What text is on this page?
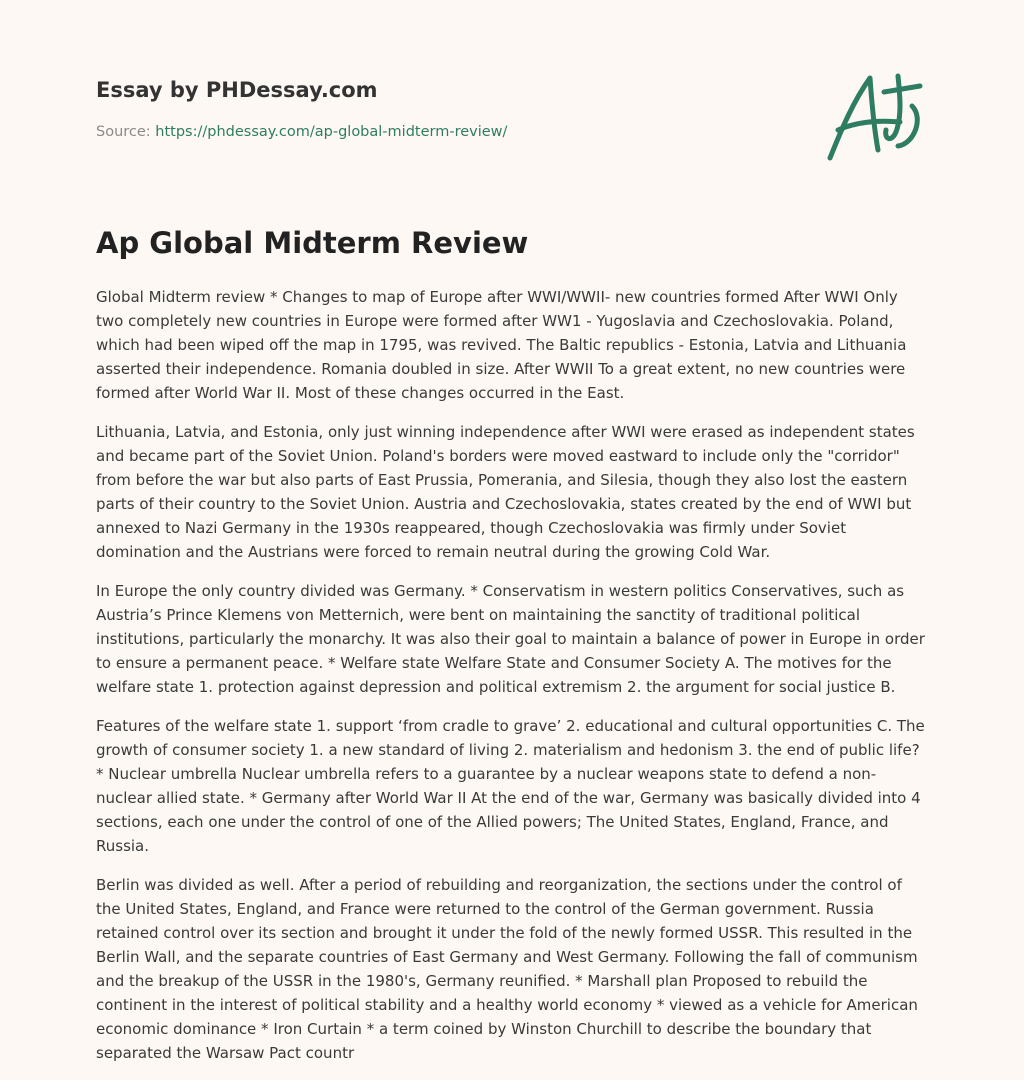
Essay by PHDessay.com
Source: https://phdessay.com/ap-global-midterm-review/
Ap Global Midterm Review

Global Midterm review * Changes to map of Europe after WWI/WWII- new countries formed After WWI Only two completely new countries in Europe were formed after WW1 - Yugoslavia and Czechoslovakia. Poland, which had been wiped off the map in 1795, was revived. The Baltic republics - Estonia, Latvia and Lithuania asserted their independence. Romania doubled in size. After WWII To a great extent, no new countries were formed after World War II. Most of these changes occurred in the East.

Lithuania, Latvia, and Estonia, only just winning independence after WWI were erased as independent states and became part of the Soviet Union. Poland's borders were moved eastward to include only the "corridor" from before the war but also parts of East Prussia, Pomerania, and Silesia, though they also lost the eastern parts of their country to the Soviet Union. Austria and Czechoslovakia, states created by the end of WWI but annexed to Nazi Germany in the 1930s reappeared, though Czechoslovakia was firmly under Soviet domination and the Austrians were forced to remain neutral during the growing Cold War.

In Europe the only country divided was Germany. * Conservatism in western politics Conservatives, such as Austria’s Prince Klemens von Metternich, were bent on maintaining the sanctity of traditional political institutions, particularly the monarchy. It was also their goal to maintain a balance of power in Europe in order to ensure a permanent peace. * Welfare state Welfare State and Consumer Society A. The motives for the welfare state 1. protection against depression and political extremism 2. the argument for social justice B.

Features of the welfare state 1. support ‘from cradle to grave’ 2. educational and cultural opportunities C. The growth of consumer society 1. a new standard of living 2. materialism and hedonism 3. the end of public life? * Nuclear umbrella Nuclear umbrella refers to a guarantee by a nuclear weapons state to defend a non-nuclear allied state. * Germany after World War II At the end of the war, Germany was basically divided into 4 sections, each one under the control of one of the Allied powers; The United States, England, France, and Russia.

Berlin was divided as well. After a period of rebuilding and reorganization, the sections under the control of the United States, England, and France were returned to the control of the German government. Russia retained control over its section and brought it under the fold of the newly formed USSR. This resulted in the Berlin Wall, and the separate countries of East Germany and West Germany. Following the fall of communism and the breakup of the USSR in the 1980's, Germany reunified. * Marshall plan Proposed to rebuild the continent in the interest of political stability and a healthy world economy * viewed as a vehicle for American economic dominance * Iron Curtain * a term coined by Winston Churchill to describe the boundary that separated the Warsaw Pact countr
